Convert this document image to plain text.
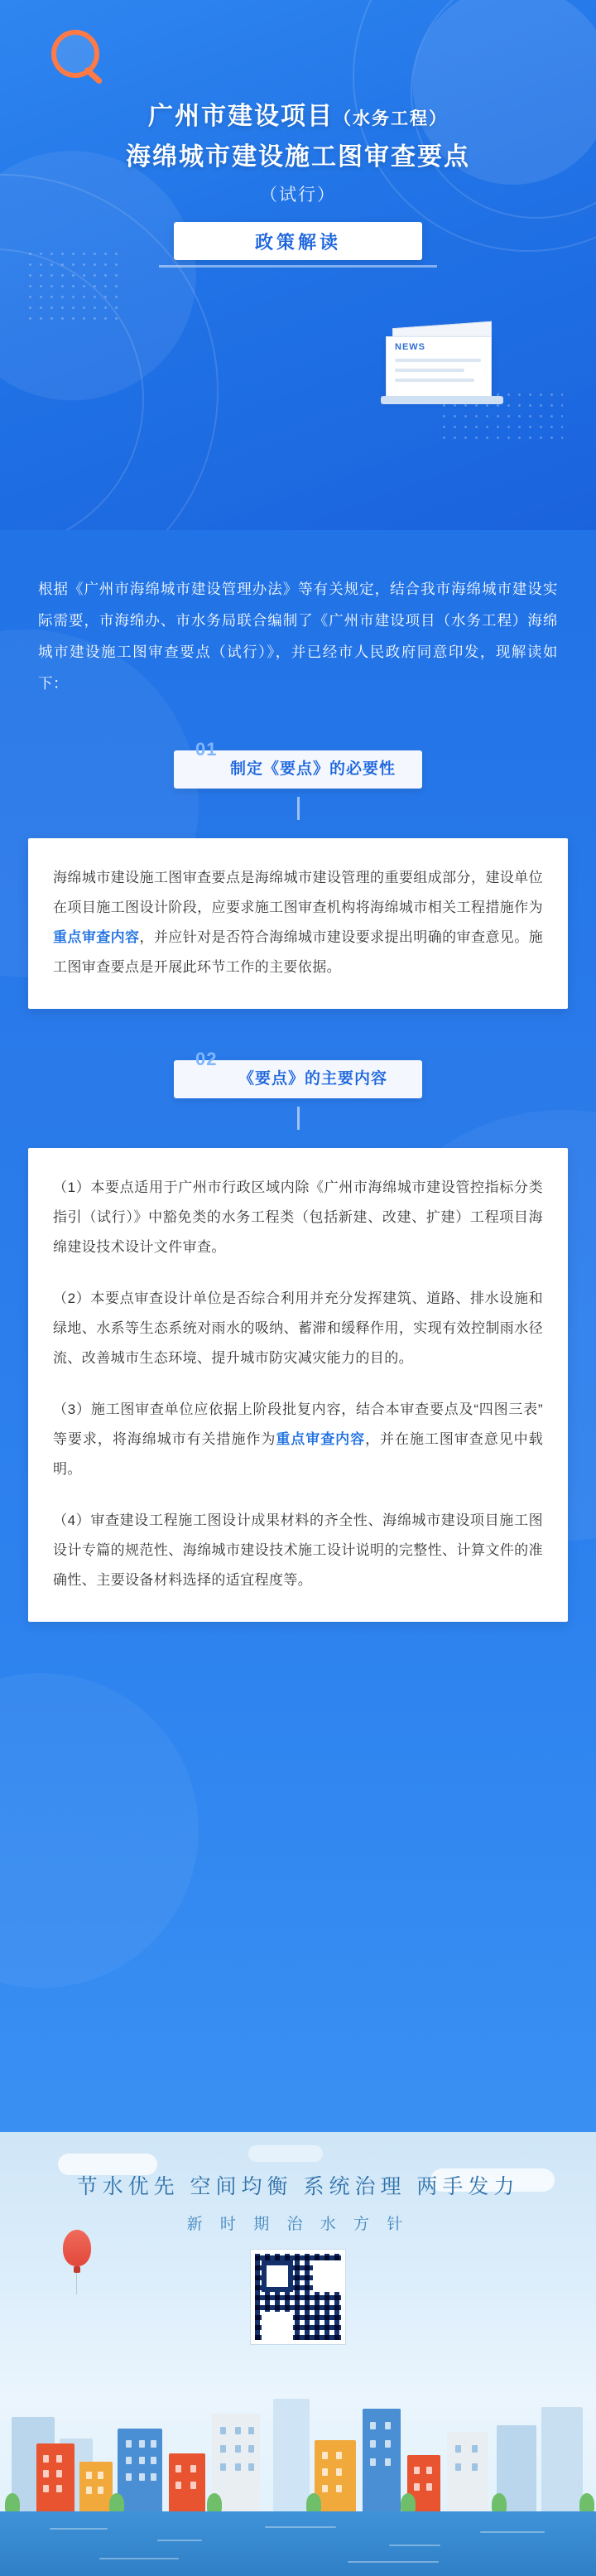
广州市建设项目（水务工程）
海绵城市建设施工图审查要点
（试行）
政策解读
NEWS
根据《广州市海绵城市建设管理办法》等有关规定，结合我市海绵城市建设实际需要，市海绵办、市水务局联合编制了《广州市建设项目（水务工程）海绵城市建设施工图审查要点（试行）》，并已经市人民政府同意印发，现解读如下：
01
制定《要点》的必要性

海绵城市建设施工图审查要点是海绵城市建设管理的重要组成部分，建设单位在项目施工图设计阶段，应要求施工图审查机构将海绵城市相关工程措施作为重点审查内容，并应针对是否符合海绵城市建设要求提出明确的审查意见。施工图审查要点是开展此环节工作的主要依据。

02
《要点》的主要内容

（1）本要点适用于广州市行政区域内除《广州市海绵城市建设管控指标分类指引（试行）》中豁免类的水务工程类（包括新建、改建、扩建）工程项目海绵建设技术设计文件审查。

（2）本要点审查设计单位是否综合利用并充分发挥建筑、道路、排水设施和绿地、水系等生态系统对雨水的吸纳、蓄滞和缓释作用，实现有效控制雨水径流、改善城市生态环境、提升城市防灾减灾能力的目的。

（3）施工图审查单位应依据上阶段批复内容，结合本审查要点及“四图三表”等要求，将海绵城市有关措施作为重点审查内容，并在施工图审查意见中载明。

（4）审查建设工程施工图设计成果材料的齐全性、海绵城市建设项目施工图设计专篇的规范性、海绵城市建设技术施工设计说明的完整性、计算文件的准确性、主要设备材料选择的适宜程度等。

节水优先 空间均衡 系统治理 两手发力
新 时 期 治 水 方 针
